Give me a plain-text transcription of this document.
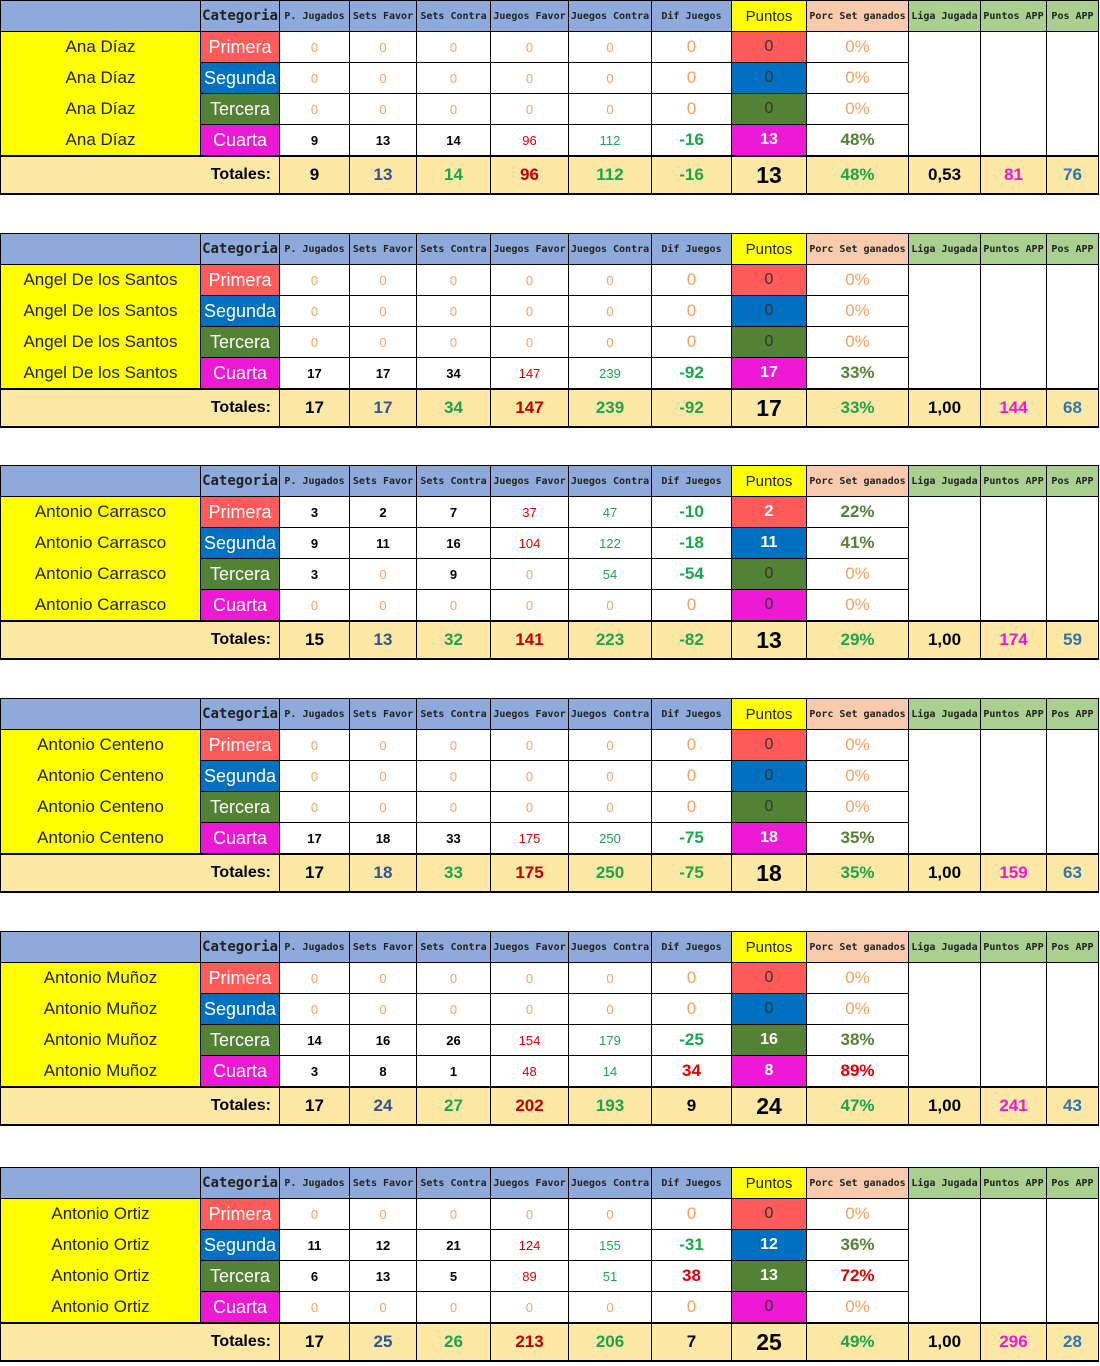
	Categoria	P. Jugados	Sets Favor	Sets Contra	Juegos Favor	Juegos Contra	Dif Juegos	Puntos	Porc Set ganados	Liga Jugada	Puntos APP	Pos APP
Ana Díaz	Primera	0	0	0	0	0	0	0	0%			
Ana Díaz	Segunda	0	0	0	0	0	0	0	0%			
Ana Díaz	Tercera	0	0	0	0	0	0	0	0%			
Ana Díaz	Cuarta	9	13	14	96	112	-16	13	48%			
	Totales:	9	13	14	96	112	-16	13	48%	0,53	81	76
	Categoria	P. Jugados	Sets Favor	Sets Contra	Juegos Favor	Juegos Contra	Dif Juegos	Puntos	Porc Set ganados	Liga Jugada	Puntos APP	Pos APP
Angel De los Santos	Primera	0	0	0	0	0	0	0	0%			
Angel De los Santos	Segunda	0	0	0	0	0	0	0	0%			
Angel De los Santos	Tercera	0	0	0	0	0	0	0	0%			
Angel De los Santos	Cuarta	17	17	34	147	239	-92	17	33%			
	Totales:	17	17	34	147	239	-92	17	33%	1,00	144	68
	Categoria	P. Jugados	Sets Favor	Sets Contra	Juegos Favor	Juegos Contra	Dif Juegos	Puntos	Porc Set ganados	Liga Jugada	Puntos APP	Pos APP
Antonio Carrasco	Primera	3	2	7	37	47	-10	2	22%			
Antonio Carrasco	Segunda	9	11	16	104	122	-18	11	41%			
Antonio Carrasco	Tercera	3	0	9	0	54	-54	0	0%			
Antonio Carrasco	Cuarta	0	0	0	0	0	0	0	0%			
	Totales:	15	13	32	141	223	-82	13	29%	1,00	174	59
	Categoria	P. Jugados	Sets Favor	Sets Contra	Juegos Favor	Juegos Contra	Dif Juegos	Puntos	Porc Set ganados	Liga Jugada	Puntos APP	Pos APP
Antonio Centeno	Primera	0	0	0	0	0	0	0	0%			
Antonio Centeno	Segunda	0	0	0	0	0	0	0	0%			
Antonio Centeno	Tercera	0	0	0	0	0	0	0	0%			
Antonio Centeno	Cuarta	17	18	33	175	250	-75	18	35%			
	Totales:	17	18	33	175	250	-75	18	35%	1,00	159	63
	Categoria	P. Jugados	Sets Favor	Sets Contra	Juegos Favor	Juegos Contra	Dif Juegos	Puntos	Porc Set ganados	Liga Jugada	Puntos APP	Pos APP
Antonio Muñoz	Primera	0	0	0	0	0	0	0	0%			
Antonio Muñoz	Segunda	0	0	0	0	0	0	0	0%			
Antonio Muñoz	Tercera	14	16	26	154	179	-25	16	38%			
Antonio Muñoz	Cuarta	3	8	1	48	14	34	8	89%			
	Totales:	17	24	27	202	193	9	24	47%	1,00	241	43
	Categoria	P. Jugados	Sets Favor	Sets Contra	Juegos Favor	Juegos Contra	Dif Juegos	Puntos	Porc Set ganados	Liga Jugada	Puntos APP	Pos APP
Antonio Ortiz	Primera	0	0	0	0	0	0	0	0%			
Antonio Ortiz	Segunda	11	12	21	124	155	-31	12	36%			
Antonio Ortiz	Tercera	6	13	5	89	51	38	13	72%			
Antonio Ortiz	Cuarta	0	0	0	0	0	0	0	0%			
	Totales:	17	25	26	213	206	7	25	49%	1,00	296	28
